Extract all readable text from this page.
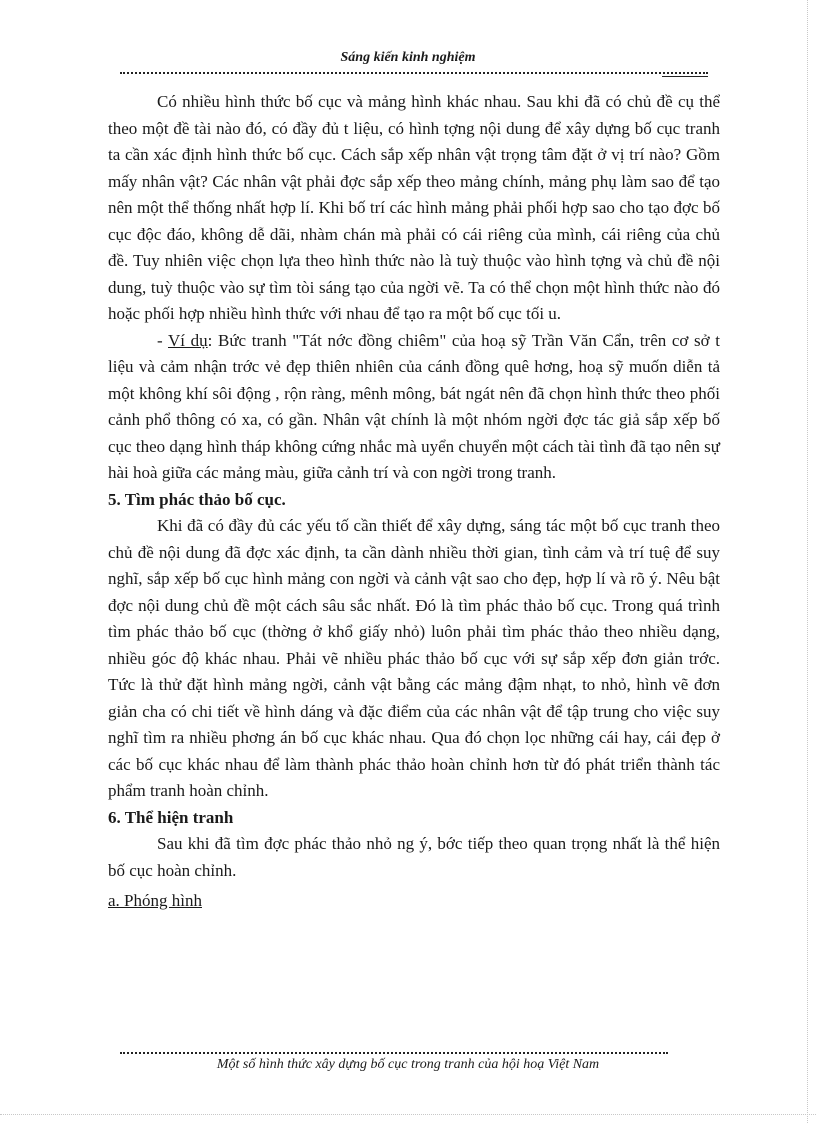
Sáng kiến kinh nghiệm

Có nhiều hình thức bố cục và mảng hình khác nhau. Sau khi đã có chủ đề cụ thể theo một đề tài nào đó, có đầy đủ t liệu, có hình tợng nội dung để xây dựng bố cục tranh ta cần xác định hình thức bố cục. Cách sắp xếp nhân vật trọng tâm đặt ở vị trí nào? Gồm mấy nhân vật? Các nhân vật phải đợc sắp xếp theo mảng chính, mảng phụ làm sao để tạo nên một thể thống nhất hợp lí. Khi bố trí các hình mảng phải phối hợp sao cho tạo đợc bố cục độc đáo, không dễ dãi, nhàm chán mà phải có cái riêng của mình, cái riêng của chủ đề. Tuy nhiên việc chọn lựa theo hình thức nào là tuỳ thuộc vào hình tợng và chủ đề nội dung, tuỳ thuộc vào sự tìm tòi sáng tạo của ngời vẽ. Ta có thể chọn một hình thức nào đó hoặc phối hợp nhiều hình thức với nhau để tạo ra một bố cục tối u.

- Ví dụ: Bức tranh "Tát nớc đồng chiêm" của hoạ sỹ Trần Văn Cẩn, trên cơ sở t liệu và cảm nhận trớc vẻ đẹp thiên nhiên của cánh đồng quê hơng, hoạ sỹ muốn diễn tả một không khí sôi động , rộn ràng, mênh mông, bát ngát nên đã chọn hình thức theo phối cảnh phổ thông có xa, có gần. Nhân vật chính là một nhóm ngời đợc tác giả sắp xếp bố cục theo dạng hình tháp không cứng nhắc mà uyển chuyển một cách tài tình đã tạo nên sự hài hoà giữa các mảng màu, giữa cảnh trí và con ngời trong tranh.

5. Tìm phác thảo bố cục.

Khi đã có đầy đủ các yếu tố cần thiết để xây dựng, sáng tác một bố cục tranh theo chủ đề nội dung đã đợc xác định, ta cần dành nhiều thời gian, tình cảm và trí tuệ để suy nghĩ, sắp xếp bố cục hình mảng con ngời và cảnh vật sao cho đẹp, hợp lí và rõ ý. Nêu bật đợc nội dung chủ đề một cách sâu sắc nhất. Đó là tìm phác thảo bố cục. Trong quá trình tìm phác thảo bố cục (thờng ở khổ giấy nhỏ) luôn phải tìm phác thảo theo nhiều dạng, nhiều góc độ khác nhau. Phải vẽ nhiều phác thảo bố cục với sự sắp xếp đơn giản trớc. Tức là thử đặt hình mảng ngời, cảnh vật bằng các mảng đậm nhạt, to nhỏ, hình vẽ đơn giản cha có chi tiết về hình dáng và đặc điểm của các nhân vật để tập trung cho việc suy nghĩ tìm ra nhiều phơng án bố cục khác nhau. Qua đó chọn lọc những cái hay, cái đẹp ở các bố cục khác nhau để làm thành phác thảo hoàn chỉnh hơn từ đó phát triển thành tác phẩm tranh hoàn chỉnh.

6. Thể hiện tranh

Sau khi đã tìm đợc phác thảo nhỏ ng ý, bớc tiếp theo quan trọng nhất là thể hiện bố cục hoàn chỉnh.

a. Phóng hình

Một số hình thức xây dựng bố cục trong tranh của hội hoạ Việt Nam
